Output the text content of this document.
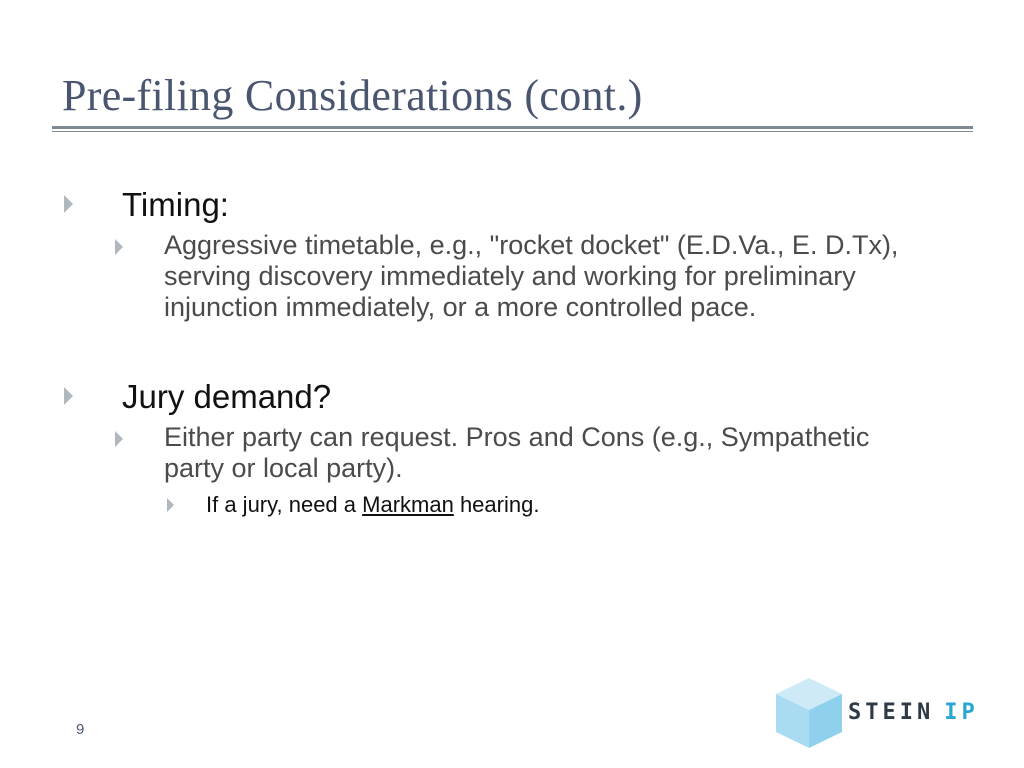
Pre-filing Considerations (cont.)
Timing:
Aggressive timetable, e.g., "rocket docket" (E.D.Va., E. D.Tx),
serving discovery immediately and working for preliminary
injunction immediately, or a more controlled pace.
Jury demand?
Either party can request. Pros and Cons (e.g., Sympathetic
party or local party).
If a jury, need a Markman hearing.
9
STEIN IP
